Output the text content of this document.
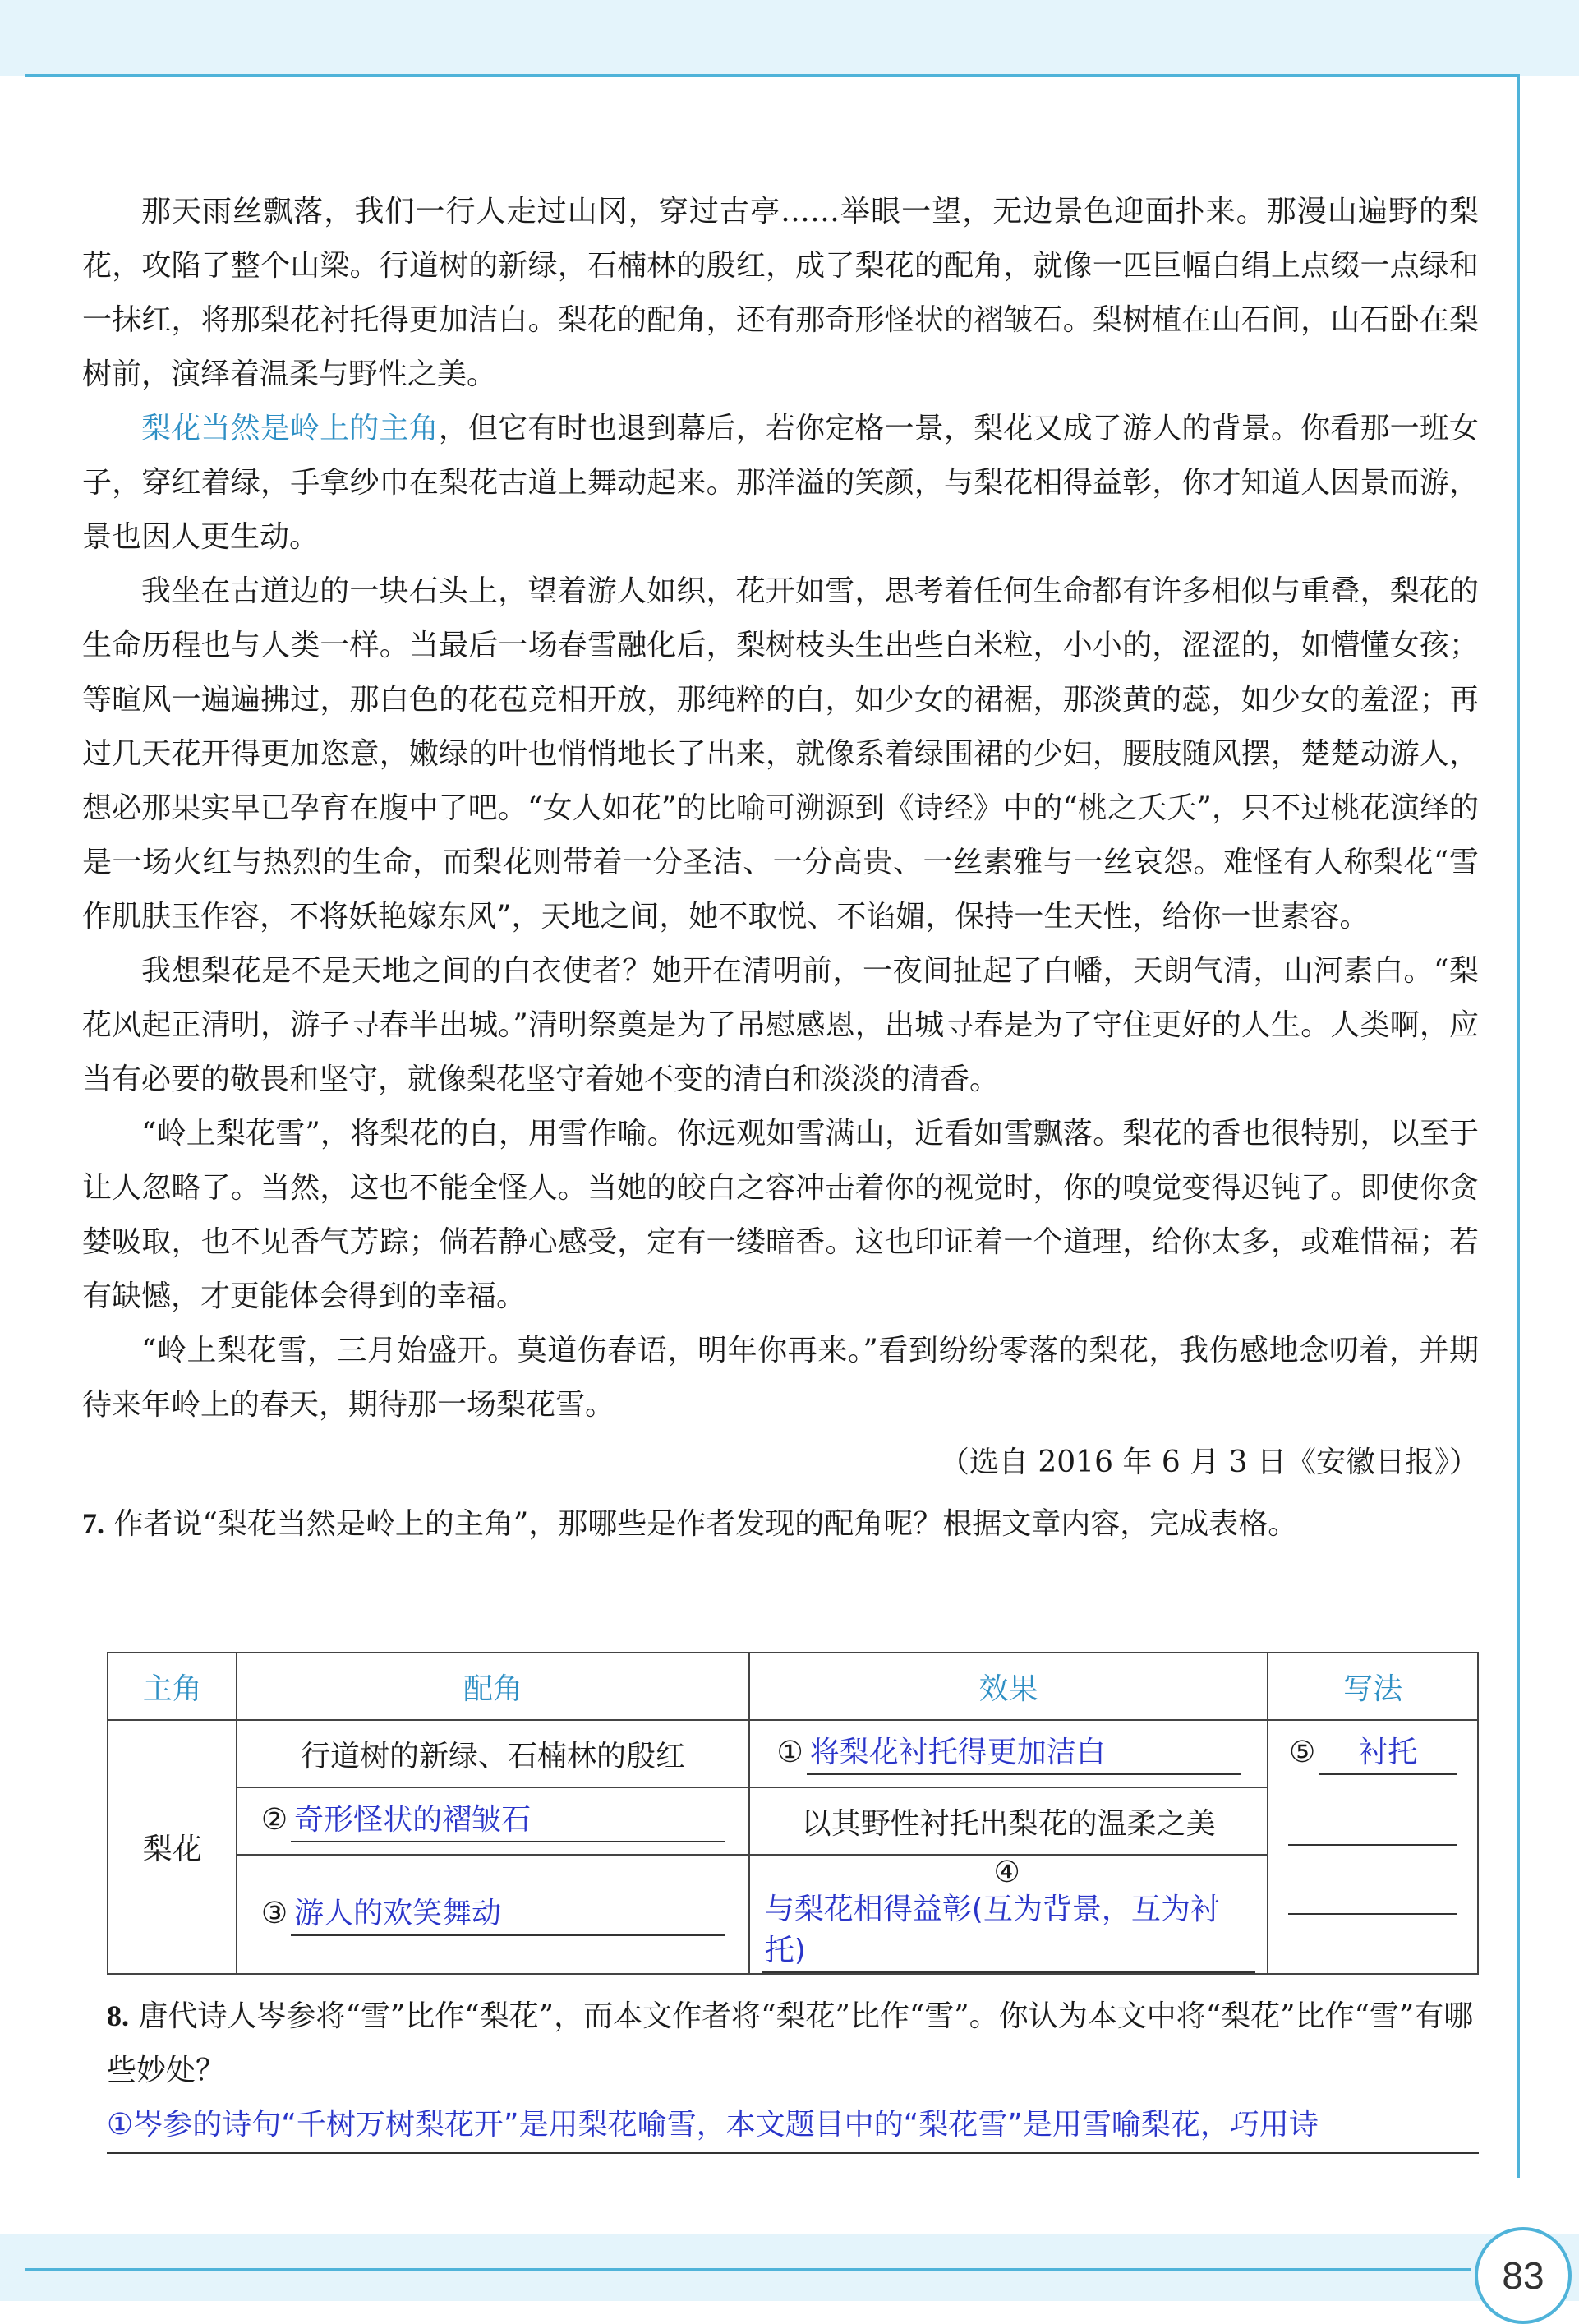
那天雨丝飘落，我们一行人走过山冈，穿过古亭……举眼一望，无边景色迎面扑来。那漫山遍野的梨花，攻陷了整个山梁。行道树的新绿，石楠林的殷红，成了梨花的配角，就像一匹巨幅白绢上点缀一点绿和一抹红，将那梨花衬托得更加洁白。梨花的配角，还有那奇形怪状的褶皱石。梨树植在山石间，山石卧在梨树前，演绎着温柔与野性之美。

梨花当然是岭上的主角，但它有时也退到幕后，若你定格一景，梨花又成了游人的背景。你看那一班女子，穿红着绿，手拿纱巾在梨花古道上舞动起来。那洋溢的笑颜，与梨花相得益彰，你才知道人因景而游，景也因人更生动。

我坐在古道边的一块石头上，望着游人如织，花开如雪，思考着任何生命都有许多相似与重叠，梨花的生命历程也与人类一样。当最后一场春雪融化后，梨树枝头生出些白米粒，小小的，涩涩的，如懵懂女孩；等暄风一遍遍拂过，那白色的花苞竞相开放，那纯粹的白，如少女的裙裾，那淡黄的蕊，如少女的羞涩；再过几天花开得更加恣意，嫩绿的叶也悄悄地长了出来，就像系着绿围裙的少妇，腰肢随风摆，楚楚动游人，想必那果实早已孕育在腹中了吧。“女人如花”的比喻可溯源到《诗经》中的“桃之夭夭”，只不过桃花演绎的是一场火红与热烈的生命，而梨花则带着一分圣洁、一分高贵、一丝素雅与一丝哀怨。难怪有人称梨花“雪作肌肤玉作容，不将妖艳嫁东风”，天地之间，她不取悦、不谄媚，保持一生天性，给你一世素容。

我想梨花是不是天地之间的白衣使者？她开在清明前，一夜间扯起了白幡，天朗气清，山河素白。“梨花风起正清明，游子寻春半出城。”清明祭奠是为了吊慰感恩，出城寻春是为了守住更好的人生。人类啊，应当有必要的敬畏和坚守，就像梨花坚守着她不变的清白和淡淡的清香。

“岭上梨花雪”，将梨花的白，用雪作喻。你远观如雪满山，近看如雪飘落。梨花的香也很特别，以至于让人忽略了。当然，这也不能全怪人。当她的皎白之容冲击着你的视觉时，你的嗅觉变得迟钝了。即使你贪婪吸取，也不见香气芳踪；倘若静心感受，定有一缕暗香。这也印证着一个道理，给你太多，或难惜福；若有缺憾，才更能体会得到的幸福。

“岭上梨花雪，三月始盛开。莫道伤春语，明年你再来。”看到纷纷零落的梨花，我伤感地念叨着，并期待来年岭上的春天，期待那一场梨花雪。

（选自 2016 年 6 月 3 日《安徽日报》）

7. 作者说“梨花当然是岭上的主角”，那哪些是作者发现的配角呢？根据文章内容，完成表格。

主角	配角	效果	写法
梨花	行道树的新绿、石楠林的殷红	① 将梨花衬托得更加洁白	⑤ 衬托

	② 奇形怪状的褶皱石	以其野性衬托出梨花的温柔之美	
	③ 游人的欢笑舞动	④与梨花相得益彰(互为背景，互为衬托)	
8. 唐代诗人岑参将“雪”比作“梨花”，而本文作者将“梨花”比作“雪”。你认为本文中将“梨花”比作“雪”有哪些妙处？
①岑参的诗句“千树万树梨花开”是用梨花喻雪，本文题目中的“梨花雪”是用雪喻梨花，巧用诗
83
